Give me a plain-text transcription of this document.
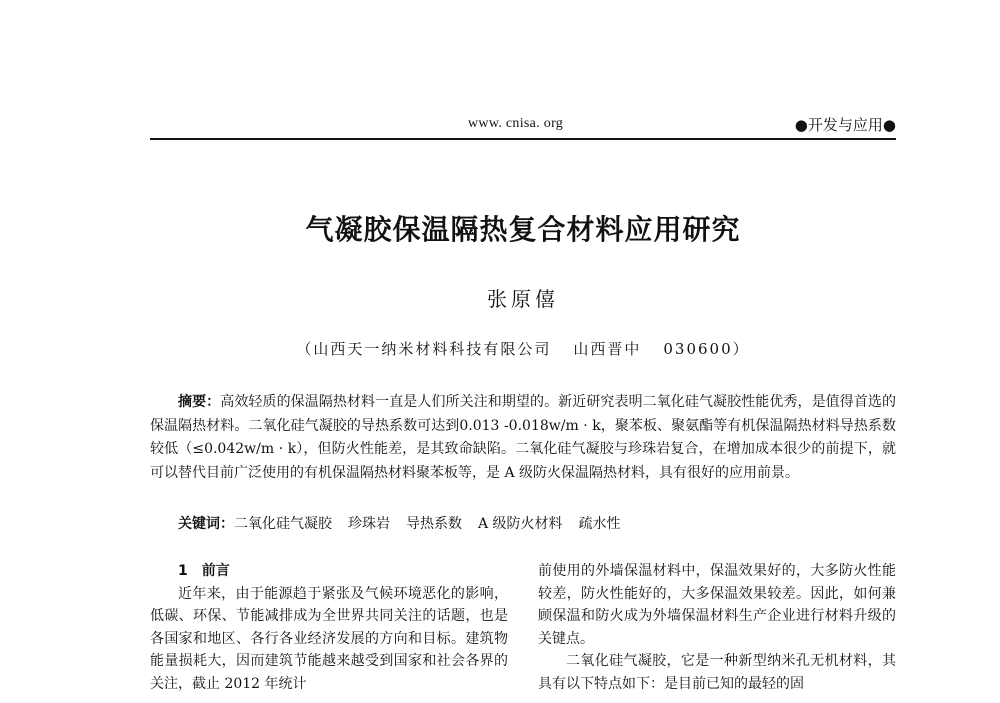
www. cnisa. org	●开发与应用●
气凝胶保温隔热复合材料应用研究
张原僖
（山西天一纳米材料科技有限公司 山西晋中 030600）

摘要：高效轻质的保温隔热材料一直是人们所关注和期望的。新近研究表明二氧化硅气凝胶性能优秀，是值得首选的保温隔热材料。二氧化硅气凝胶的导热系数可达到0.013 -0.018w/m · k，聚苯板、聚氨酯等有机保温隔热材料导热系数较低（≤0.042w/m · k），但防火性能差，是其致命缺陷。二氧化硅气凝胶与珍珠岩复合，在增加成本很少的前提下，就可以替代目前广泛使用的有机保温隔热材料聚苯板等，是 A 级防火保温隔热材料，具有很好的应用前景。

关键词：二氧化硅气凝胶 珍珠岩 导热系数 A 级防火材料 疏水性

1 前言

近年来，由于能源趋于紧张及气候环境恶化的影响，低碳、环保、节能减排成为全世界共同关注的话题，也是各国家和地区、各行各业经济发展的方向和目标。建筑物能量损耗大，因而建筑节能越来越受到国家和社会各界的关注，截止 2012 年统计

前使用的外墙保温材料中，保温效果好的，大多防火性能较差，防火性能好的，大多保温效果较差。因此，如何兼顾保温和防火成为外墙保温材料生产企业进行材料升级的关键点。

二氧化硅气凝胶，它是一种新型纳米孔无机材料，其具有以下特点如下：是目前已知的最轻的固
